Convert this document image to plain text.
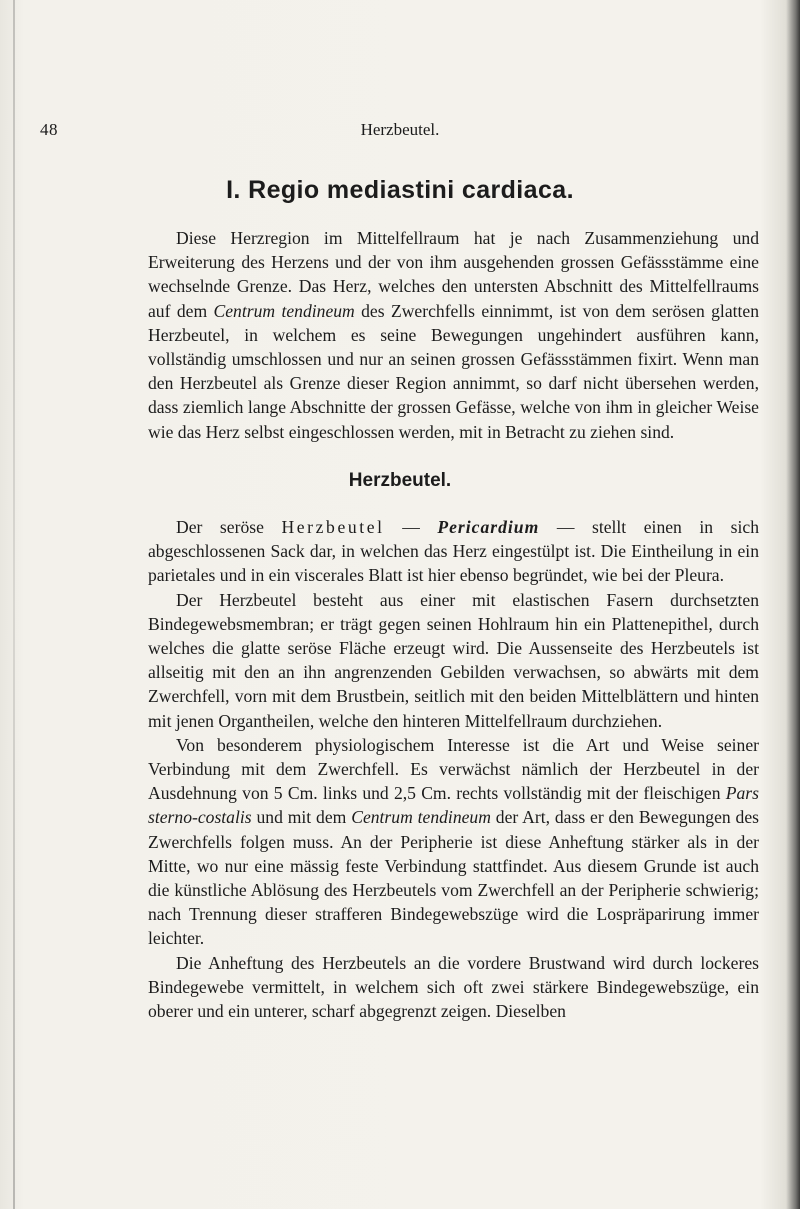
48	Herzbeutel.
I. Regio mediastini cardiaca.

Diese Herzregion im Mittelfellraum hat je nach Zusammenziehung und Erweiterung des Herzens und der von ihm ausgehenden grossen Gefässstämme eine wechselnde Grenze. Das Herz, welches den untersten Abschnitt des Mittelfellraums auf dem Centrum tendineum des Zwerchfells einnimmt, ist von dem serösen glatten Herzbeutel, in welchem es seine Bewegungen ungehindert ausführen kann, vollständig umschlossen und nur an seinen grossen Gefässstämmen fixirt. Wenn man den Herzbeutel als Grenze dieser Region annimmt, so darf nicht übersehen werden, dass ziemlich lange Abschnitte der grossen Gefässe, welche von ihm in gleicher Weise wie das Herz selbst eingeschlossen werden, mit in Betracht zu ziehen sind.

Herzbeutel.

Der seröse Herzbeutel — Pericardium — stellt einen in sich abgeschlossenen Sack dar, in welchen das Herz eingestülpt ist. Die Eintheilung in ein parietales und in ein viscerales Blatt ist hier ebenso begründet, wie bei der Pleura.

Der Herzbeutel besteht aus einer mit elastischen Fasern durchsetzten Bindegewebsmembran; er trägt gegen seinen Hohlraum hin ein Plattenepithel, durch welches die glatte seröse Fläche erzeugt wird. Die Aussenseite des Herzbeutels ist allseitig mit den an ihn angrenzenden Gebilden verwachsen, so abwärts mit dem Zwerchfell, vorn mit dem Brustbein, seitlich mit den beiden Mittelblättern und hinten mit jenen Organtheilen, welche den hinteren Mittelfellraum durchziehen.

Von besonderem physiologischem Interesse ist die Art und Weise seiner Verbindung mit dem Zwerchfell. Es verwächst nämlich der Herzbeutel in der Ausdehnung von 5 Cm. links und 2,5 Cm. rechts vollständig mit der fleischigen Pars sterno-costalis und mit dem Centrum tendineum der Art, dass er den Bewegungen des Zwerchfells folgen muss. An der Peripherie ist diese Anheftung stärker als in der Mitte, wo nur eine mässig feste Verbindung stattfindet. Aus diesem Grunde ist auch die künstliche Ablösung des Herzbeutels vom Zwerchfell an der Peripherie schwierig; nach Trennung dieser strafferen Bindegewebszüge wird die Lospräparirung immer leichter.

Die Anheftung des Herzbeutels an die vordere Brustwand wird durch lockeres Bindegewebe vermittelt, in welchem sich oft zwei stärkere Bindegewebszüge, ein oberer und ein unterer, scharf abgegrenzt zeigen. Dieselben
